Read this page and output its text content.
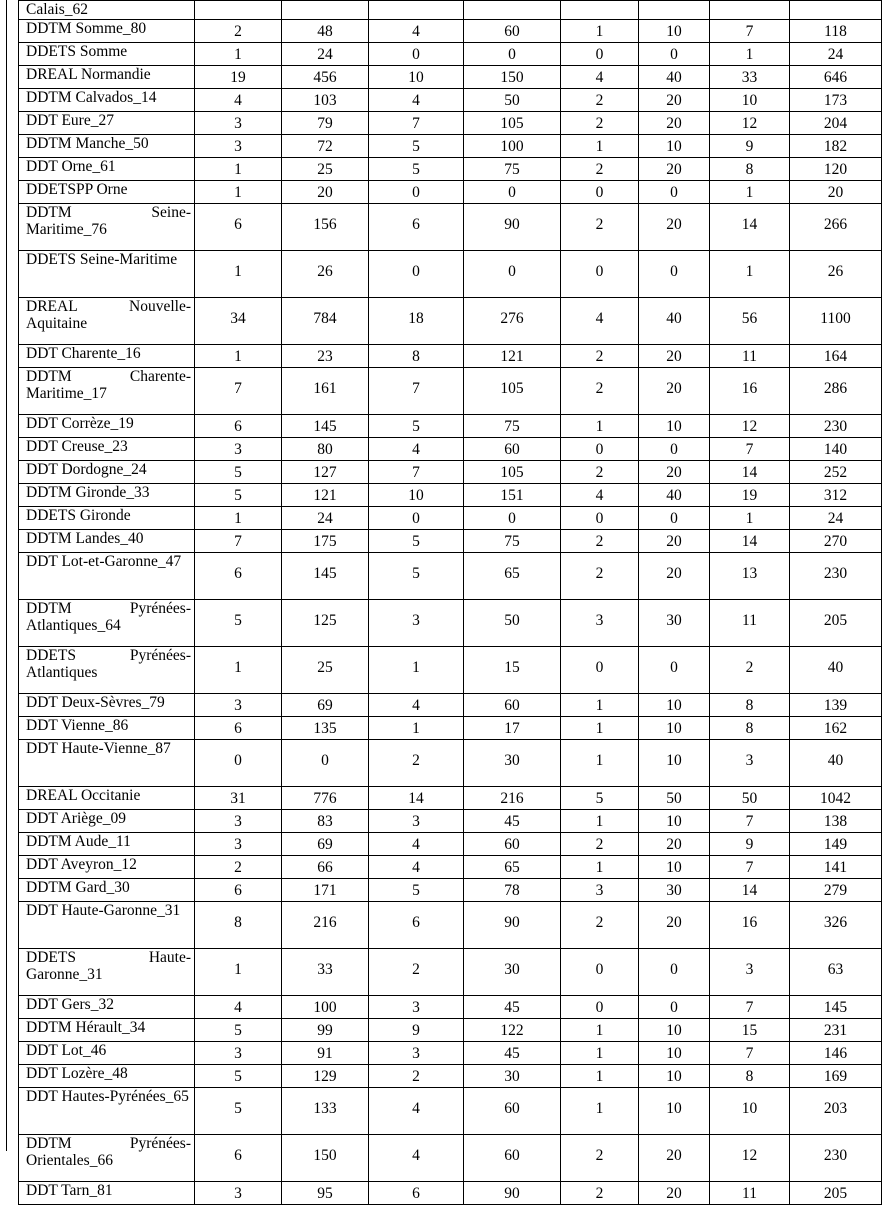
Calais_62								
DDTM Somme_80	2	48	4	60	1	10	7	118
DDETS Somme	1	24	0	0	0	0	1	24
DREAL Normandie	19	456	10	150	4	40	33	646
DDTM Calvados_14	4	103	4	50	2	20	10	173
DDT Eure_27	3	79	7	105	2	20	12	204
DDTM Manche_50	3	72	5	100	1	10	9	182
DDT Orne_61	1	25	5	75	2	20	8	120
DDETSPP Orne	1	20	0	0	0	0	1	20
DDTM Seine-Maritime_76	6	156	6	90	2	20	14	266
DDETS Seine-Maritime	1	26	0	0	0	0	1	26
DREAL Nouvelle-Aquitaine	34	784	18	276	4	40	56	1100
DDT Charente_16	1	23	8	121	2	20	11	164
DDTM Charente-Maritime_17	7	161	7	105	2	20	16	286
DDT Corrèze_19	6	145	5	75	1	10	12	230
DDT Creuse_23	3	80	4	60	0	0	7	140
DDT Dordogne_24	5	127	7	105	2	20	14	252
DDTM Gironde_33	5	121	10	151	4	40	19	312
DDETS Gironde	1	24	0	0	0	0	1	24
DDTM Landes_40	7	175	5	75	2	20	14	270
DDT Lot-et-Garonne_47	6	145	5	65	2	20	13	230
DDTM Pyrénées-Atlantiques_64	5	125	3	50	3	30	11	205
DDETS Pyrénées-Atlantiques	1	25	1	15	0	0	2	40
DDT Deux-Sèvres_79	3	69	4	60	1	10	8	139
DDT Vienne_86	6	135	1	17	1	10	8	162
DDT Haute-Vienne_87	0	0	2	30	1	10	3	40
DREAL Occitanie	31	776	14	216	5	50	50	1042
DDT Ariège_09	3	83	3	45	1	10	7	138
DDTM Aude_11	3	69	4	60	2	20	9	149
DDT Aveyron_12	2	66	4	65	1	10	7	141
DDTM Gard_30	6	171	5	78	3	30	14	279
DDT Haute-Garonne_31	8	216	6	90	2	20	16	326
DDETS Haute-Garonne_31	1	33	2	30	0	0	3	63
DDT Gers_32	4	100	3	45	0	0	7	145
DDTM Hérault_34	5	99	9	122	1	10	15	231
DDT Lot_46	3	91	3	45	1	10	7	146
DDT Lozère_48	5	129	2	30	1	10	8	169
DDT Hautes-Pyrénées_65	5	133	4	60	1	10	10	203
DDTM Pyrénées-Orientales_66	6	150	4	60	2	20	12	230
DDT Tarn_81	3	95	6	90	2	20	11	205
